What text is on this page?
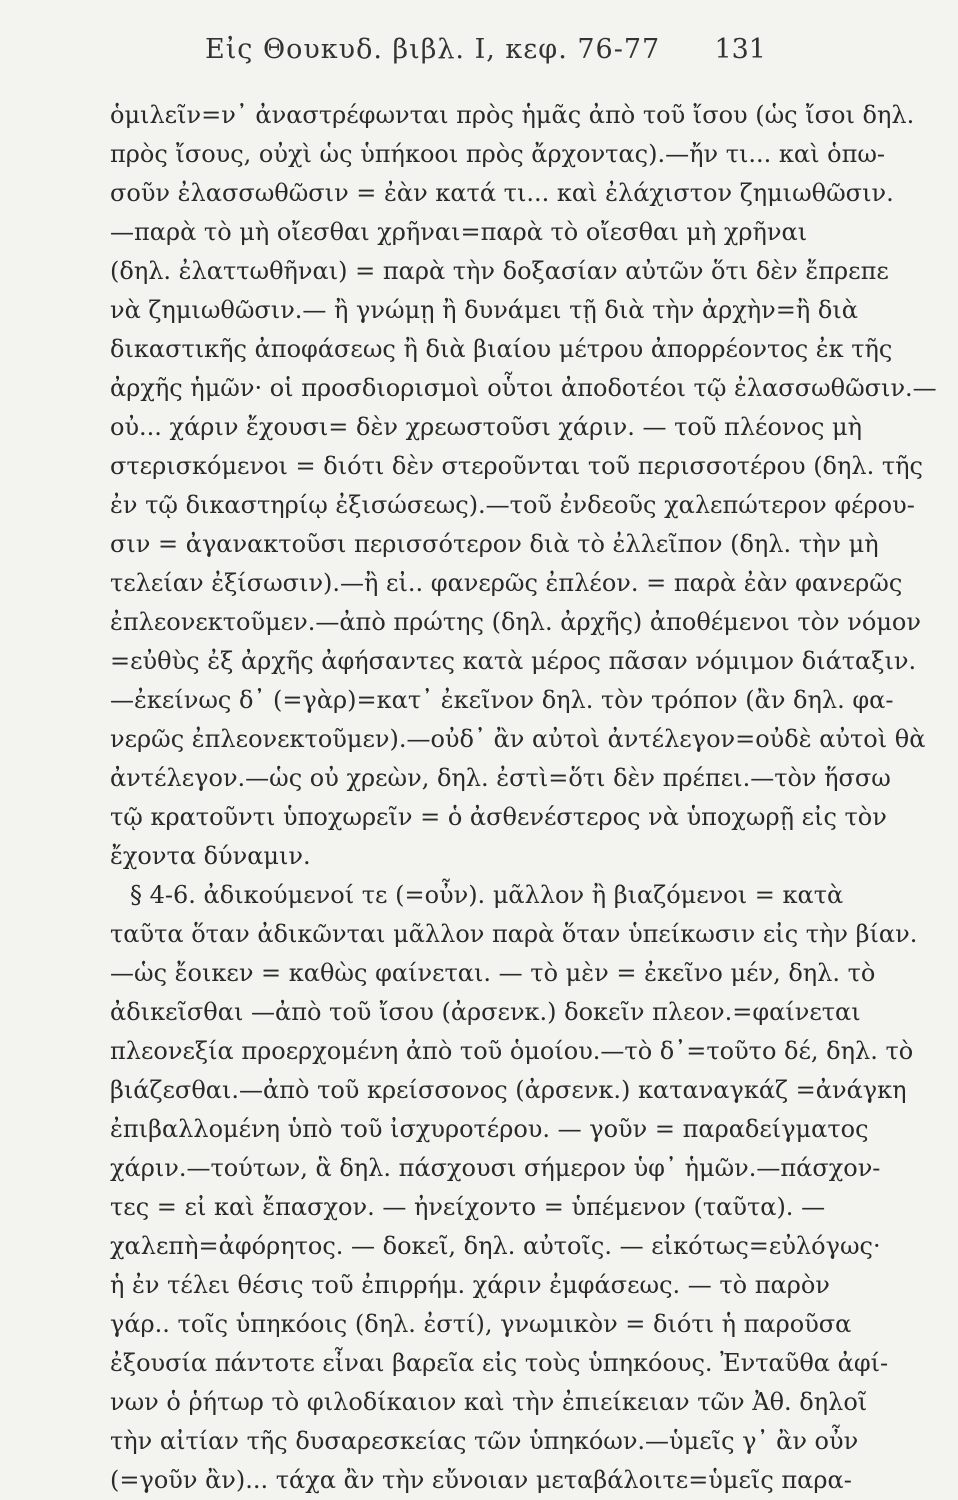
Εἰς Θουκυδ. βιβλ. Ι, κεφ. 76-77 131
ὁμιλεῖν=ν᾽ ἀναστρέφωνται πρὸς ἡμᾶς ἀπὸ τοῦ ἴσου (ὡς ἴσοι δηλ.
πρὸς ἴσους, οὐχὶ ὡς ὑπήκοοι πρὸς ἄρχοντας).—ἤν τι... καὶ ὁπω-
σοῦν ἐλασσωθῶσιν = ἐὰν κατά τι... καὶ ἐλάχιστον ζημιωθῶσιν.
—παρὰ τὸ μὴ οἴεσθαι χρῆναι=παρὰ τὸ οἴεσθαι μὴ χρῆναι
(δηλ. ἐλαττωθῆναι) = παρὰ τὴν δοξασίαν αὐτῶν ὅτι δὲν ἔπρεπε
νὰ ζημιωθῶσιν.— ἢ γνώμῃ ἢ δυνάμει τῇ διὰ τὴν ἀρχὴν=ἢ διὰ
δικαστικῆς ἀποφάσεως ἢ διὰ βιαίου μέτρου ἀπορρέοντος ἐκ τῆς
ἀρχῆς ἡμῶν· οἱ προσδιορισμοὶ οὗτοι ἀποδοτέοι τῷ ἐλασσωθῶσιν.—
οὐ... χάριν ἔχουσι= δὲν χρεωστοῦσι χάριν. — τοῦ πλέονος μὴ
στερισκόμενοι = διότι δὲν στεροῦνται τοῦ περισσοτέρου (δηλ. τῆς
ἐν τῷ δικαστηρίῳ ἐξισώσεως).—τοῦ ἐνδεοῦς χαλεπώτερον φέρου-
σιν = ἀγανακτοῦσι περισσότερον διὰ τὸ ἐλλεῖπον (δηλ. τὴν μὴ
τελείαν ἐξίσωσιν).—ἢ εἰ.. φανερῶς ἐπλέον. = παρὰ ἐὰν φανερῶς
ἐπλεονεκτοῦμεν.—ἀπὸ πρώτης (δηλ. ἀρχῆς) ἀποθέμενοι τὸν νόμον
=εὐθὺς ἐξ ἀρχῆς ἀφήσαντες κατὰ μέρος πᾶσαν νόμιμον διάταξιν.
—ἐκείνως δ᾽ (=γὰρ)=κατ᾽ ἐκεῖνον δηλ. τὸν τρόπον (ἂν δηλ. φα-
νερῶς ἐπλεονεκτοῦμεν).—οὐδ᾽ ἂν αὐτοὶ ἀντέλεγον=οὐδὲ αὐτοὶ θὰ
ἀντέλεγον.—ὡς οὐ χρεὼν, δηλ. ἐστὶ=ὅτι δὲν πρέπει.—τὸν ἥσσω
τῷ κρατοῦντι ὑποχωρεῖν = ὁ ἀσθενέστερος νὰ ὑποχωρῇ εἰς τὸν
ἔχοντα δύναμιν.
§ 4-6. ἀδικούμενοί τε (=οὖν). μᾶλλον ἢ βιαζόμενοι = κατὰ
ταῦτα ὅταν ἀδικῶνται μᾶλλον παρὰ ὅταν ὑπείκωσιν εἰς τὴν βίαν.
—ὡς ἔοικεν = καθὼς φαίνεται. — τὸ μὲν = ἐκεῖνο μέν, δηλ. τὸ
ἀδικεῖσθαι —ἀπὸ τοῦ ἴσου (ἀρσενκ.) δοκεῖν πλεον.=φαίνεται
πλεονεξία προερχομένη ἀπὸ τοῦ ὁμοίου.—τὸ δ᾽=τοῦτο δέ, δηλ. τὸ
βιάζεσθαι.—ἀπὸ τοῦ κρείσσονος (ἀρσενκ.) καταναγκάζ =ἀνάγκη
ἐπιβαλλομένη ὑπὸ τοῦ ἰσχυροτέρου. — γοῦν = παραδείγματος
χάριν.—τούτων, ἃ δηλ. πάσχουσι σήμερον ὑφ᾽ ἡμῶν.—πάσχον-
τες = εἰ καὶ ἔπασχον. — ἠνείχοντο = ὑπέμενον (ταῦτα). —
χαλεπὴ=ἀφόρητος. — δοκεῖ, δηλ. αὐτοῖς. — εἰκότως=εὐλόγως·
ἡ ἐν τέλει θέσις τοῦ ἐπιρρήμ. χάριν ἐμφάσεως. — τὸ παρὸν
γάρ.. τοῖς ὑπηκόοις (δηλ. ἐστί), γνωμικὸν = διότι ἡ παροῦσα
ἐξουσία πάντοτε εἶναι βαρεῖα εἰς τοὺς ὑπηκόους. Ἐνταῦθα ἀφί-
νων ὁ ῥήτωρ τὸ φιλοδίκαιον καὶ τὴν ἐπιείκειαν τῶν Ἀθ. δηλοῖ
τὴν αἰτίαν τῆς δυσαρεσκείας τῶν ὑπηκόων.—ὑμεῖς γ᾽ ἂν οὖν
(=γοῦν ἂν)... τάχα ἂν τὴν εὔνοιαν μεταβάλοιτε=ὑμεῖς παρα-
